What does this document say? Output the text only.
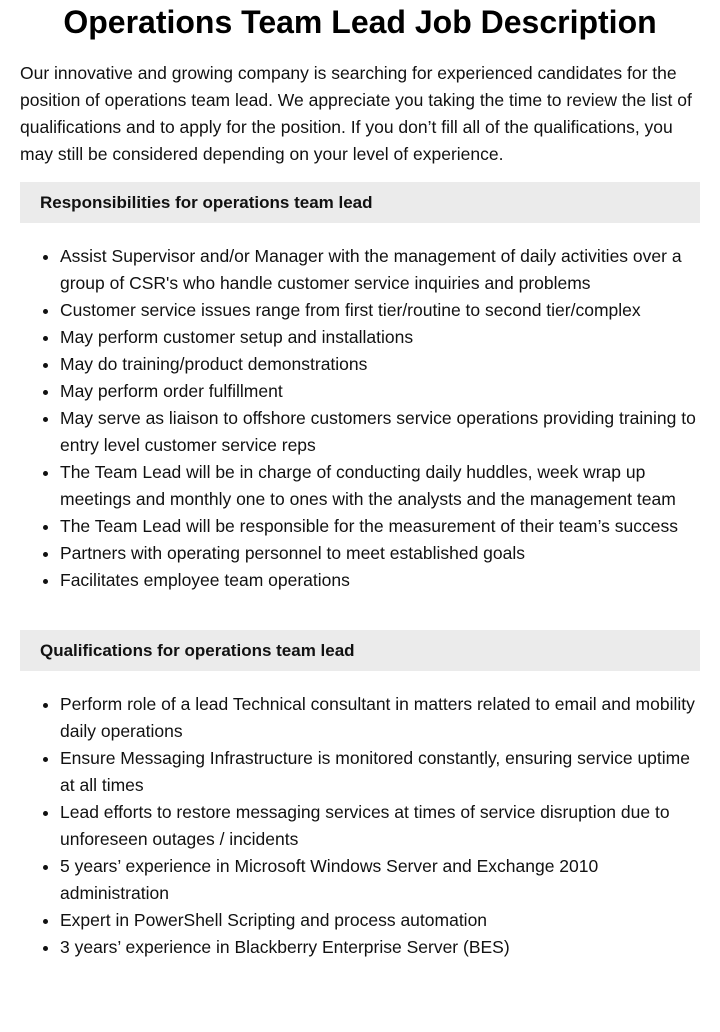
Operations Team Lead Job Description

Our innovative and growing company is searching for experienced candidates for the position of operations team lead. We appreciate you taking the time to review the list of qualifications and to apply for the position. If you don’t fill all of the qualifications, you may still be considered depending on your level of experience.

Responsibilities for operations team lead
• Assist Supervisor and/or Manager with the management of daily activities over a group of CSR's who handle customer service inquiries and problems
• Customer service issues range from first tier/routine to second tier/complex
• May perform customer setup and installations
• May do training/product demonstrations
• May perform order fulfillment
• May serve as liaison to offshore customers service operations providing training to entry level customer service reps
• The Team Lead will be in charge of conducting daily huddles, week wrap up meetings and monthly one to ones with the analysts and the management team
• The Team Lead will be responsible for the measurement of their team’s success
• Partners with operating personnel to meet established goals
• Facilitates employee team operations
Qualifications for operations team lead
• Perform role of a lead Technical consultant in matters related to email and mobility daily operations
• Ensure Messaging Infrastructure is monitored constantly, ensuring service uptime at all times
• Lead efforts to restore messaging services at times of service disruption due to unforeseen outages / incidents
• 5 years’ experience in Microsoft Windows Server and Exchange 2010 administration
• Expert in PowerShell Scripting and process automation
• 3 years’ experience in Blackberry Enterprise Server (BES)
